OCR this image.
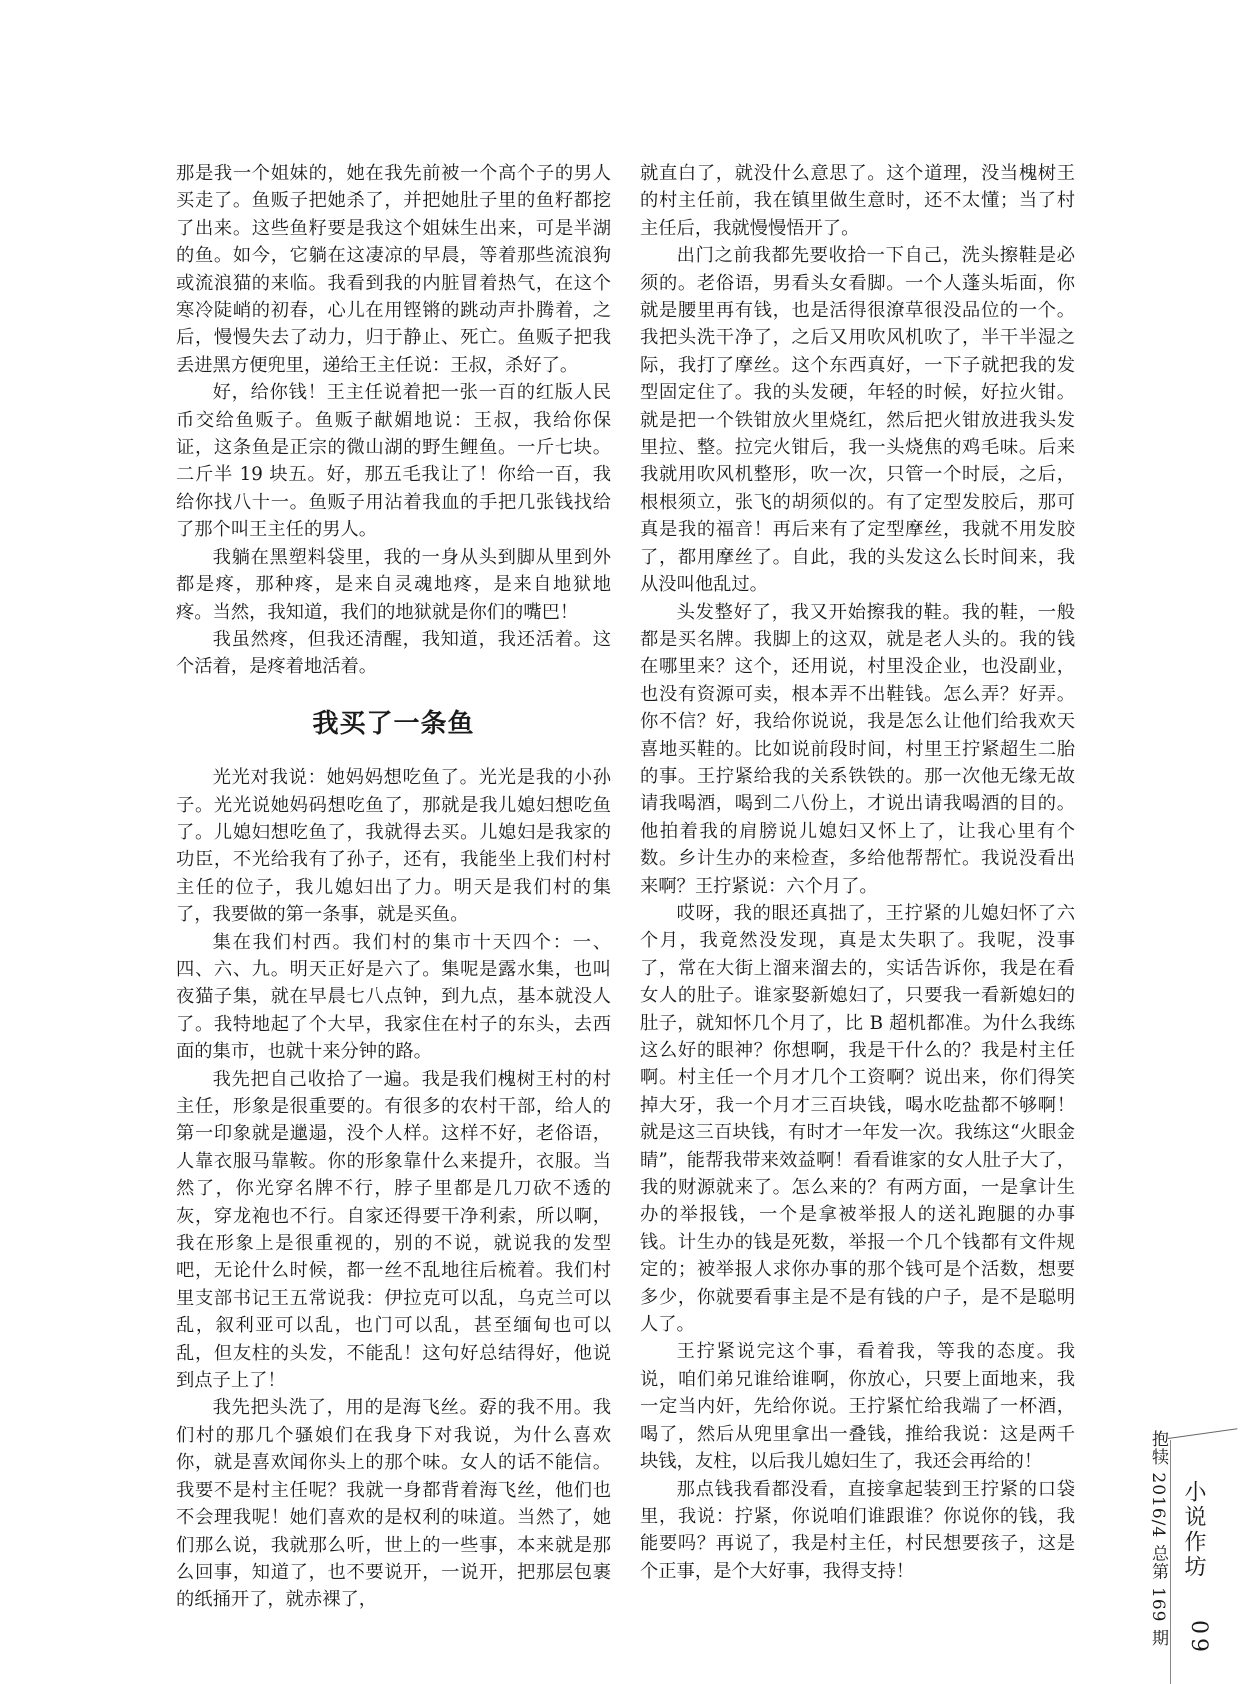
那是我一个姐妹的，她在我先前被一个高个子的男人买走了。鱼贩子把她杀了，并把她肚子里的鱼籽都挖了出来。这些鱼籽要是我这个姐妹生出来，可是半湖的鱼。如今，它躺在这凄凉的早晨，等着那些流浪狗或流浪猫的来临。我看到我的内脏冒着热气，在这个寒冷陡峭的初春，心儿在用铿锵的跳动声扑腾着，之后，慢慢失去了动力，归于静止、死亡。鱼贩子把我丢进黑方便兜里，递给王主任说：王叔，杀好了。

好，给你钱！王主任说着把一张一百的红版人民币交给鱼贩子。鱼贩子献媚地说：王叔，我给你保证，这条鱼是正宗的微山湖的野生鲤鱼。一斤七块。二斤半 19 块五。好，那五毛我让了！你给一百，我给你找八十一。鱼贩子用沾着我血的手把几张钱找给了那个叫王主任的男人。

我躺在黑塑料袋里，我的一身从头到脚从里到外都是疼，那种疼，是来自灵魂地疼，是来自地狱地疼。当然，我知道，我们的地狱就是你们的嘴巴！

我虽然疼，但我还清醒，我知道，我还活着。这个活着，是疼着地活着。

我买了一条鱼

光光对我说：她妈妈想吃鱼了。光光是我的小孙子。光光说她妈码想吃鱼了，那就是我儿媳妇想吃鱼了。儿媳妇想吃鱼了，我就得去买。儿媳妇是我家的功臣，不光给我有了孙子，还有，我能坐上我们村村主任的位子，我儿媳妇出了力。明天是我们村的集了，我要做的第一条事，就是买鱼。

集在我们村西。我们村的集市十天四个：一、四、六、九。明天正好是六了。集呢是露水集，也叫夜猫子集，就在早晨七八点钟，到九点，基本就没人了。我特地起了个大早，我家住在村子的东头，去西面的集市，也就十来分钟的路。

我先把自己收拾了一遍。我是我们槐树王村的村主任，形象是很重要的。有很多的农村干部，给人的第一印象就是邋遢，没个人样。这样不好，老俗语，人靠衣服马靠鞍。你的形象靠什么来提升，衣服。当然了，你光穿名牌不行，脖子里都是几刀砍不透的灰，穿龙袍也不行。自家还得要干净利索，所以啊，我在形象上是很重视的，别的不说，就说我的发型吧，无论什么时候，都一丝不乱地往后梳着。我们村里支部书记王五常说我：伊拉克可以乱，乌克兰可以乱，叙利亚可以乱，也门可以乱，甚至缅甸也可以乱，但友柱的头发，不能乱！这句好总结得好，他说到点子上了！

我先把头洗了，用的是海飞丝。孬的我不用。我们村的那几个骚娘们在我身下对我说，为什么喜欢你，就是喜欢闻你头上的那个味。女人的话不能信。我要不是村主任呢？我就一身都背着海飞丝，他们也不会理我呢！她们喜欢的是权利的味道。当然了，她们那么说，我就那么听，世上的一些事，本来就是那么回事，知道了，也不要说开，一说开，把那层包裹的纸捅开了，就赤裸了，

就直白了，就没什么意思了。这个道理，没当槐树王的村主任前，我在镇里做生意时，还不太懂；当了村主任后，我就慢慢悟开了。

出门之前我都先要收拾一下自己，洗头擦鞋是必须的。老俗语，男看头女看脚。一个人蓬头垢面，你就是腰里再有钱，也是活得很潦草很没品位的一个。我把头洗干净了，之后又用吹风机吹了，半干半湿之际，我打了摩丝。这个东西真好，一下子就把我的发型固定住了。我的头发硬，年轻的时候，好拉火钳。就是把一个铁钳放火里烧红，然后把火钳放进我头发里拉、整。拉完火钳后，我一头烧焦的鸡毛味。后来我就用吹风机整形，吹一次，只管一个时辰，之后，根根须立，张飞的胡须似的。有了定型发胶后，那可真是我的福音！再后来有了定型摩丝，我就不用发胶了，都用摩丝了。自此，我的头发这么长时间来，我从没叫他乱过。

头发整好了，我又开始擦我的鞋。我的鞋，一般都是买名牌。我脚上的这双，就是老人头的。我的钱在哪里来？这个，还用说，村里没企业，也没副业，也没有资源可卖，根本弄不出鞋钱。怎么弄？好弄。你不信？好，我给你说说，我是怎么让他们给我欢天喜地买鞋的。比如说前段时间，村里王拧紧超生二胎的事。王拧紧给我的关系铁铁的。那一次他无缘无故请我喝酒，喝到二八份上，才说出请我喝酒的目的。他拍着我的肩膀说儿媳妇又怀上了，让我心里有个数。乡计生办的来检查，多给他帮帮忙。我说没看出来啊？王拧紧说：六个月了。

哎呀，我的眼还真拙了，王拧紧的儿媳妇怀了六个月，我竟然没发现，真是太失职了。我呢，没事了，常在大街上溜来溜去的，实话告诉你，我是在看女人的肚子。谁家娶新媳妇了，只要我一看新媳妇的肚子，就知怀几个月了，比 B 超机都准。为什么我练这么好的眼神？你想啊，我是干什么的？我是村主任啊。村主任一个月才几个工资啊？说出来，你们得笑掉大牙，我一个月才三百块钱，喝水吃盐都不够啊！就是这三百块钱，有时才一年发一次。我练这“火眼金睛”，能帮我带来效益啊！看看谁家的女人肚子大了，我的财源就来了。怎么来的？有两方面，一是拿计生办的举报钱，一个是拿被举报人的送礼跑腿的办事钱。计生办的钱是死数，举报一个几个钱都有文件规定的；被举报人求你办事的那个钱可是个活数，想要多少，你就要看事主是不是有钱的户子，是不是聪明人了。

王拧紧说完这个事，看着我，等我的态度。我说，咱们弟兄谁给谁啊，你放心，只要上面地来，我一定当内奸，先给你说。王拧紧忙给我端了一杯酒，喝了，然后从兜里拿出一叠钱，推给我说：这是两千块钱，友柱，以后我儿媳妇生了，我还会再给的！

那点钱我看都没看，直接拿起装到王拧紧的口袋里，我说：拧紧，你说咱们谁跟谁？你说你的钱，我能要吗？再说了，我是村主任，村民想要孩子，这是个正事，是个大好事，我得支持！	抱犊 2016/4 总第 169 期 小说作坊
09
